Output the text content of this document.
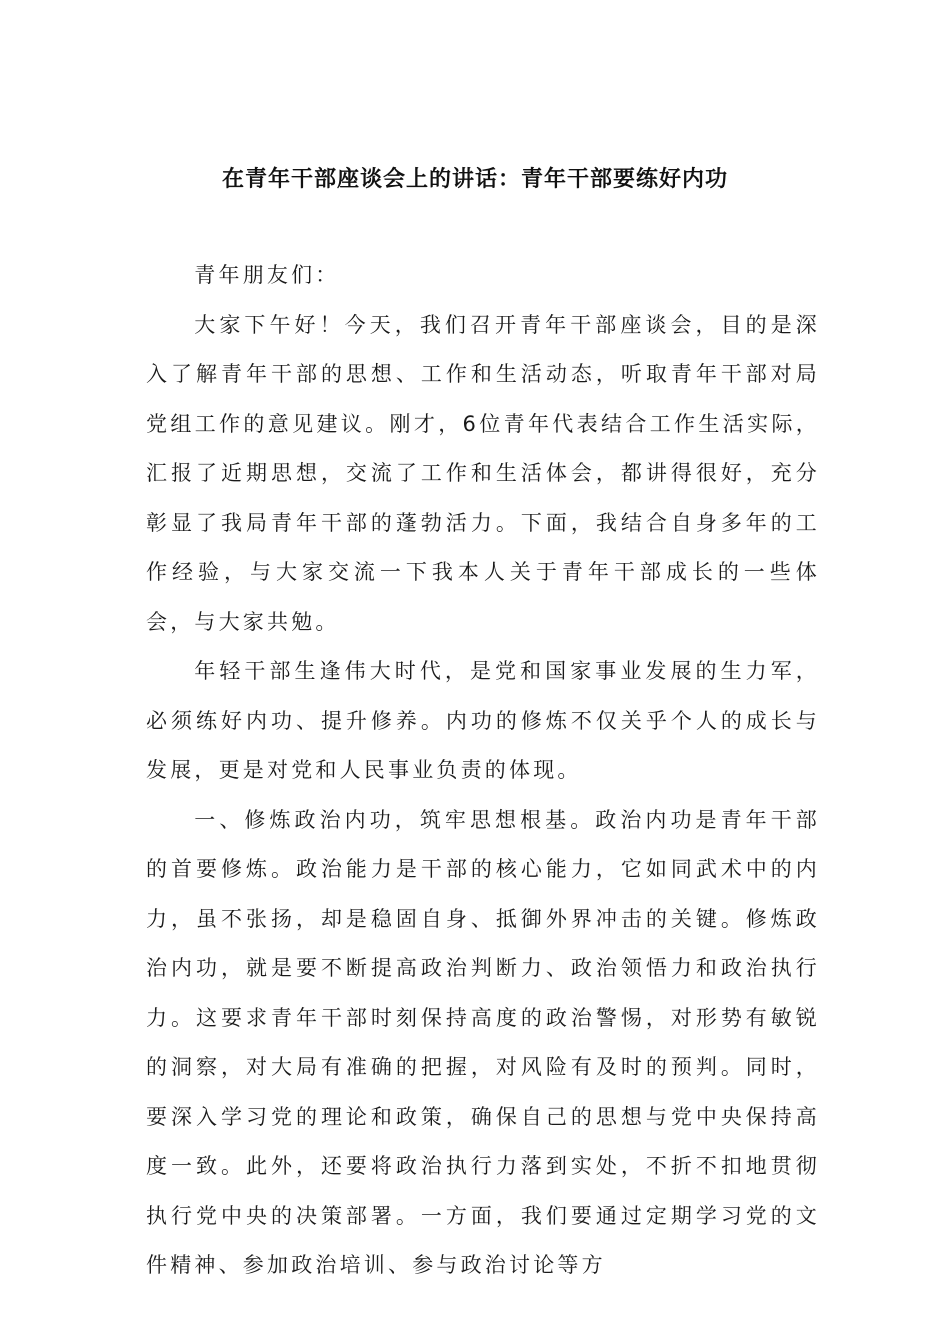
在青年干部座谈会上的讲话：青年干部要练好内功

青年朋友们：

大家下午好！今天，我们召开青年干部座谈会，目的是深入了解青年干部的思想、工作和生活动态，听取青年干部对局党组工作的意见建议。刚才，6位青年代表结合工作生活实际，汇报了近期思想，交流了工作和生活体会，都讲得很好，充分彰显了我局青年干部的蓬勃活力。下面，我结合自身多年的工作经验，与大家交流一下我本人关于青年干部成长的一些体会，与大家共勉。

年轻干部生逢伟大时代，是党和国家事业发展的生力军，必须练好内功、提升修养。内功的修炼不仅关乎个人的成长与发展，更是对党和人民事业负责的体现。

一、修炼政治内功，筑牢思想根基。政治内功是青年干部的首要修炼。政治能力是干部的核心能力，它如同武术中的内力，虽不张扬，却是稳固自身、抵御外界冲击的关键。修炼政治内功，就是要不断提高政治判断力、政治领悟力和政治执行力。这要求青年干部时刻保持高度的政治警惕，对形势有敏锐的洞察，对大局有准确的把握，对风险有及时的预判。同时，要深入学习党的理论和政策，确保自己的思想与党中央保持高度一致。此外，还要将政治执行力落到实处，不折不扣地贯彻执行党中央的决策部署。一方面，我们要通过定期学习党的文件精神、参加政治培训、参与政治讨论等方
